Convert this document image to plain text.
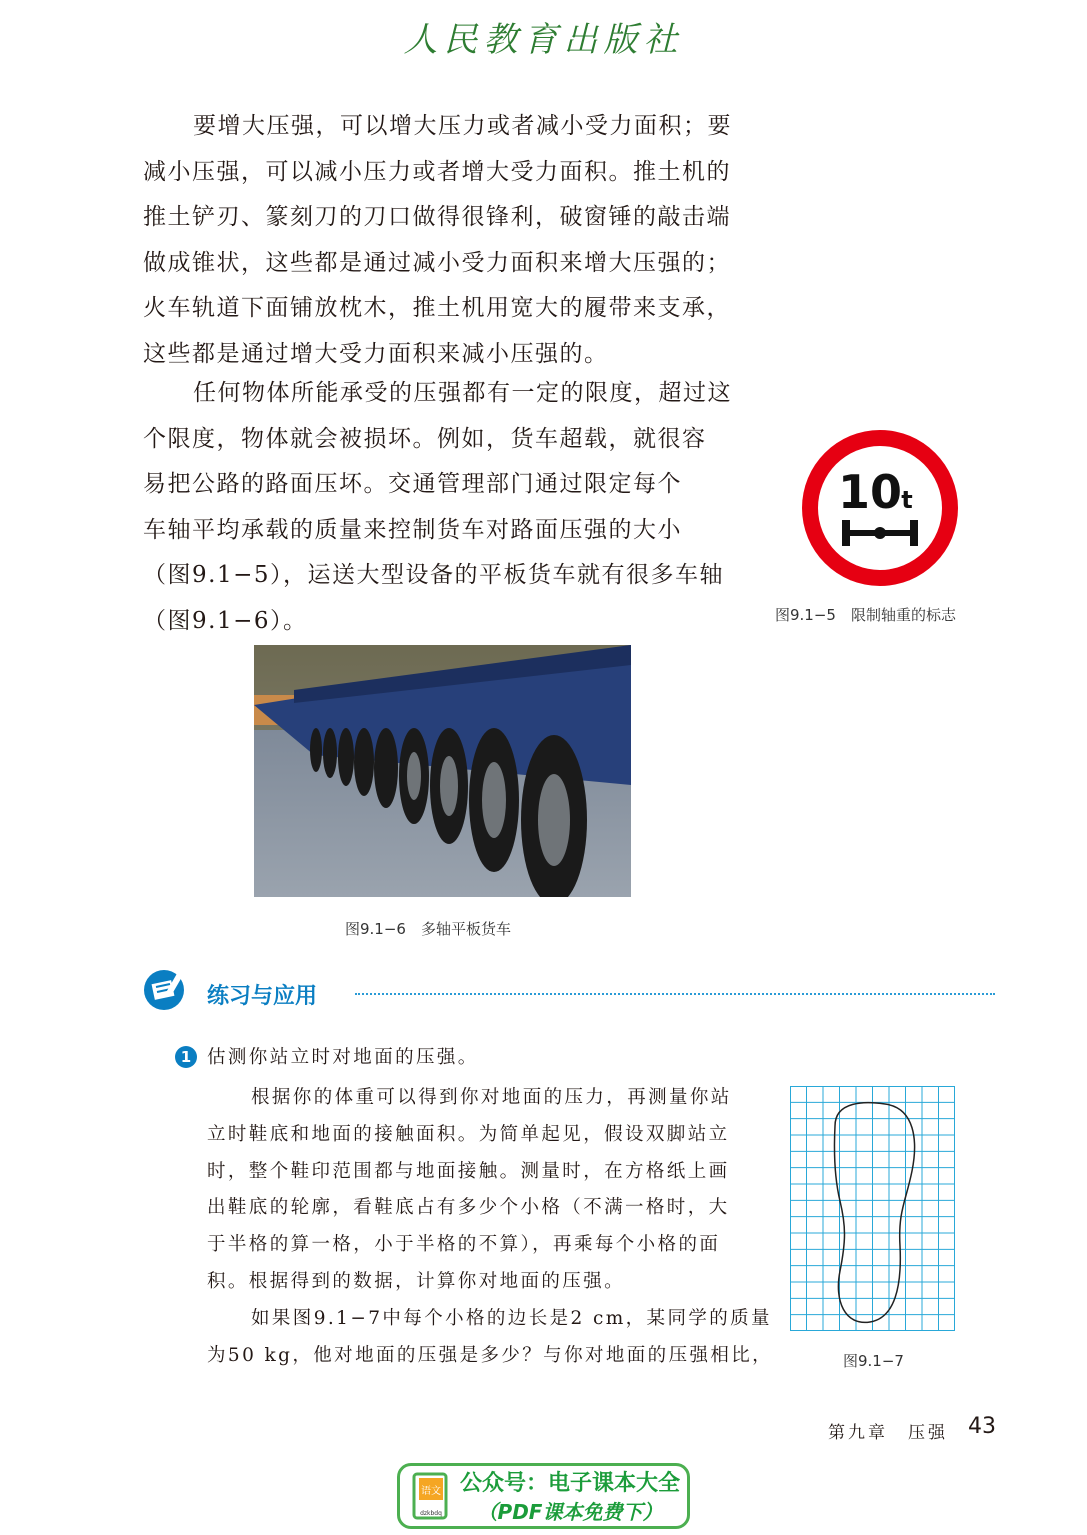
人民教育出版社
要增大压强，可以增大压力或者减小受力面积；要
减小压强，可以减小压力或者增大受力面积。推土机的
推土铲刃、篆刻刀的刀口做得很锋利，破窗锤的敲击端
做成锥状，这些都是通过减小受力面积来增大压强的；
火车轨道下面铺放枕木，推土机用宽大的履带来支承，
这些都是通过增大受力面积来减小压强的。
任何物体所能承受的压强都有一定的限度，超过这
个限度，物体就会被损坏。例如，货车超载，就很容
易把公路的路面压坏。交通管理部门通过限定每个
车轴平均承载的质量来控制货车对路面压强的大小
（图9.1−5），运送大型设备的平板货车就有很多车轴
（图9.1−6）。
10 t
图9.1−5　限制轴重的标志
图9.1−6　多轴平板货车
练习与应用
1 估测你站立时对地面的压强。
根据你的体重可以得到你对地面的压力，再测量你站
立时鞋底和地面的接触面积。为简单起见，假设双脚站立
时，整个鞋印范围都与地面接触。测量时，在方格纸上画
出鞋底的轮廓，看鞋底占有多少个小格（不满一格时，大
于半格的算一格，小于半格的不算），再乘每个小格的面
积。根据得到的数据，计算你对地面的压强。
如果图9.1−7中每个小格的边长是2 cm，某同学的质量
为50 kg，他对地面的压强是多少？与你对地面的压强相比，	图9.1−7
第九章　压强 43
语文
dzkbdq
公众号：电子课本大全
（PDF课本免费下）
